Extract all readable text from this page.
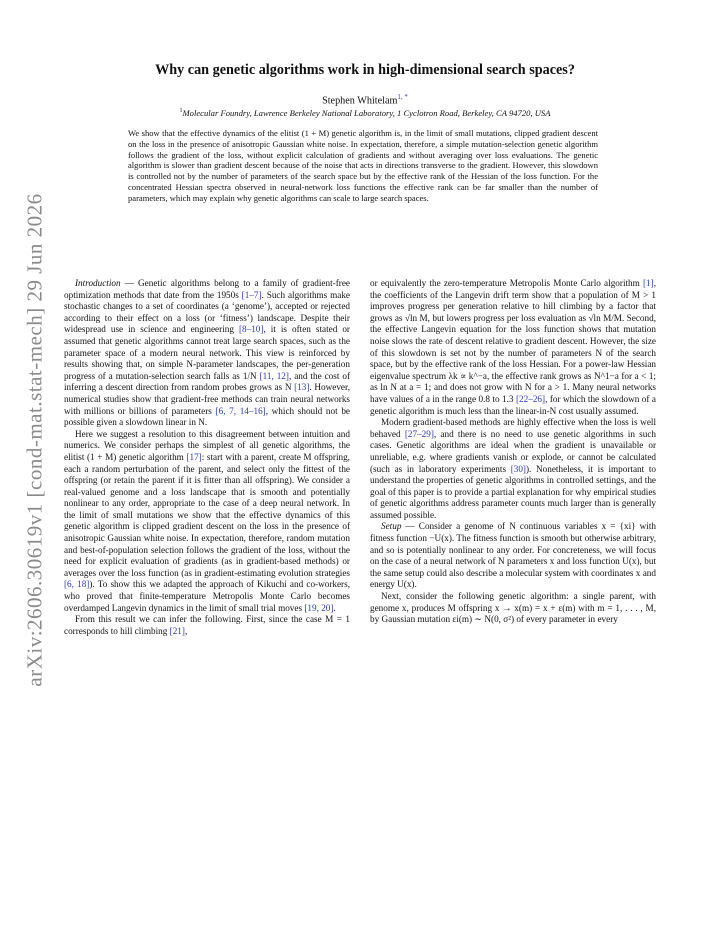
arXiv:2606.30619v1 [cond-mat.stat-mech] 29 Jun 2026
Why can genetic algorithms work in high-dimensional search spaces?
Stephen Whitelam$^{1, *}$
$^1$Molecular Foundry, Lawrence Berkeley National Laboratory, 1 Cyclotron Road, Berkeley, CA 94720, USA
We show that the effective dynamics of the elitist (1 + M) genetic algorithm is, in the limit of small mutations, clipped gradient descent on the loss in the presence of anisotropic Gaussian white noise. In expectation, therefore, a simple mutation-selection genetic algorithm follows the gradient of the loss, without explicit calculation of gradients and without averaging over loss evaluations. The genetic algorithm is slower than gradient descent because of the noise that acts in directions transverse to the gradient. However, this slowdown is controlled not by the number of parameters of the search space but by the effective rank of the Hessian of the loss function. For the concentrated Hessian spectra observed in neural-network loss functions the effective rank can be far smaller than the number of parameters, which may explain why genetic algorithms can scale to large search spaces.

Introduction — Genetic algorithms belong to a family of gradient-free optimization methods that date from the 1950s [1–7]. Such algorithms make stochastic changes to a set of coordinates (a ‘genome’), accepted or rejected according to their effect on a loss (or ‘fitness’) landscape. Despite their widespread use in science and engineering [8–10], it is often stated or assumed that genetic algorithms cannot treat large search spaces, such as the parameter space of a modern neural network. This view is reinforced by results showing that, on simple N-parameter landscapes, the per-generation progress of a mutation-selection search falls as 1/N [11, 12], and the cost of inferring a descent direction from random probes grows as N [13]. However, numerical studies show that gradient-free methods can train neural networks with millions or billions of parameters [6, 7, 14–16], which should not be possible given a slowdown linear in N.

Here we suggest a resolution to this disagreement between intuition and numerics. We consider perhaps the simplest of all genetic algorithms, the elitist (1 + M) genetic algorithm [17]: start with a parent, create M offspring, each a random perturbation of the parent, and select only the fittest of the offspring (or retain the parent if it is fitter than all offspring). We consider a real-valued genome and a loss landscape that is smooth and potentially nonlinear to any order, appropriate to the case of a deep neural network. In the limit of small mutations we show that the effective dynamics of this genetic algorithm is clipped gradient descent on the loss in the presence of anisotropic Gaussian white noise. In expectation, therefore, random mutation and best-of-population selection follows the gradient of the loss, without the need for explicit evaluation of gradients (as in gradient-based methods) or averages over the loss function (as in gradient-estimating evolution strategies [6, 18]). To show this we adapted the approach of Kikuchi and co-workers, who proved that finite-temperature Metropolis Monte Carlo becomes overdamped Langevin dynamics in the limit of small trial moves [19, 20].

From this result we can infer the following. First, since the case M = 1 corresponds to hill climbing [21],

or equivalently the zero-temperature Metropolis Monte Carlo algorithm [1], the coefficients of the Langevin drift term show that a population of M > 1 improves progress per generation relative to hill climbing by a factor that grows as √ln M, but lowers progress per loss evaluation as √ln M/M. Second, the effective Langevin equation for the loss function shows that mutation noise slows the rate of descent relative to gradient descent. However, the size of this slowdown is set not by the number of parameters N of the search space, but by the effective rank of the loss Hessian. For a power-law Hessian eigenvalue spectrum λk ∝ k^−a, the effective rank grows as N^1−a for a < 1; as ln N at a = 1; and does not grow with N for a > 1. Many neural networks have values of a in the range 0.8 to 1.3 [22–26], for which the slowdown of a genetic algorithm is much less than the linear-in-N cost usually assumed.

Modern gradient-based methods are highly effective when the loss is well behaved [27–29], and there is no need to use genetic algorithms in such cases. Genetic algorithms are ideal when the gradient is unavailable or unreliable, e.g. where gradients vanish or explode, or cannot be calculated (such as in laboratory experiments [30]). Nonetheless, it is important to understand the properties of genetic algorithms in controlled settings, and the goal of this paper is to provide a partial explanation for why empirical studies of genetic algorithms address parameter counts much larger than is generally assumed possible.

Setup — Consider a genome of N continuous variables x = {xi} with fitness function −U(x). The fitness function is smooth but otherwise arbitrary, and so is potentially nonlinear to any order. For concreteness, we will focus on the case of a neural network of N parameters x and loss function U(x), but the same setup could also describe a molecular system with coordinates x and energy U(x).

Next, consider the following genetic algorithm: a single parent, with genome x, produces M offspring x → x(m) = x + ε(m) with m = 1, . . . , M, by Gaussian mutation εi(m) ∼ N(0, σ²) of every parameter in every
